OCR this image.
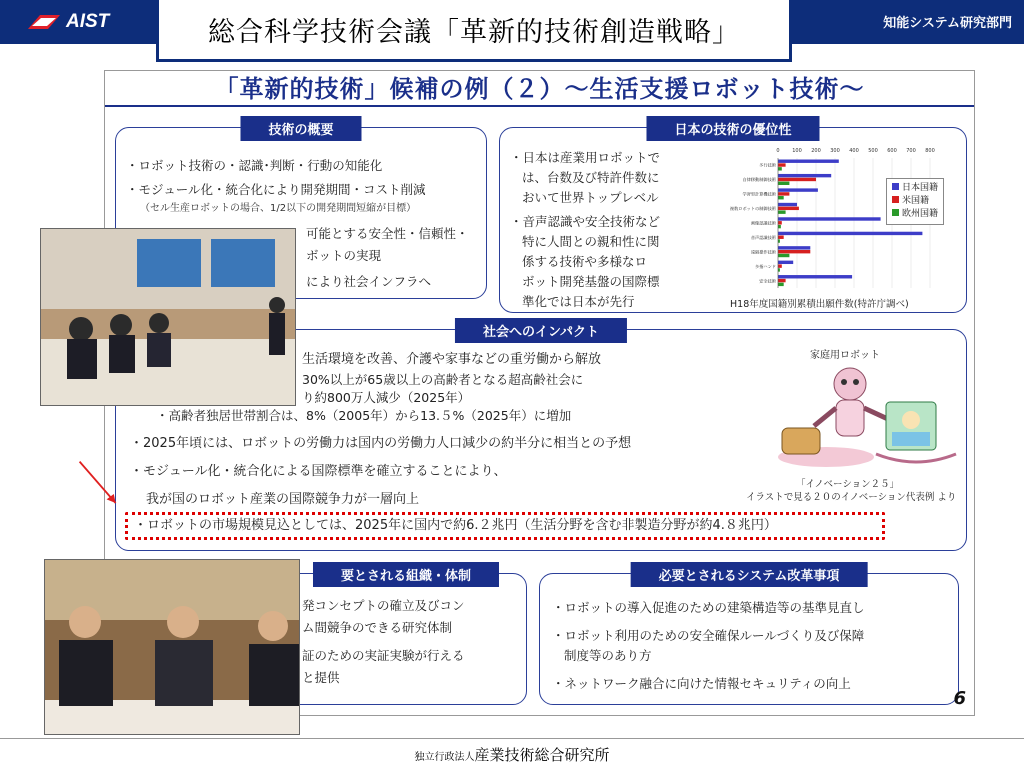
AIST	知能システム研究部門
総合科学技術会議「革新的技術創造戦略」
「革新的技術」候補の例（２）～生活支援ロボット技術～
技術の概要
・ロボット技術の・認識･判断・行動の知能化
・モジュール化・統合化により開発期間・コスト削減
（セル生産ロボットの場合、1/2以下の開発期間短縮が目標）
可能とする安全性・信頼性・
ボットの実現
により社会インフラへ
日本の技術の優位性
・日本は産業用ロボットで
は、台数及び特許件数に
おいて世界トップレベル
・音声認識や安全技術など
特に人間との親和性に関
係する技術や多様なロ
ボット開発基盤の国際標
準化では日本が先行
0	100 200 300 400 500 600 700 800
多行技術
自律移動制御技術
学習型計算機技術
複数ロボットの制御技術
画像認識技術
音声認識技術
遠隔操作技術
多指ハンド
安全技術
日本国籍
米国籍
欧州国籍
H18年度国籍別累積出願件数(特許庁調べ)
社会へのインパクト
生活環境を改善、介護や家事などの重労働から解放
30%以上が65歳以上の高齢者となる超高齢社会に
り約800万人減少（2025年）
・高齢者独居世帯割合は、8%（2005年）から13.５%（2025年）に増加
・2025年頃には、ロボットの労働力は国内の労働力人口減少の約半分に相当との予想
・モジュール化・統合化による国際標準を確立することにより、
我が国のロボット産業の国際競争力が一層向上
・ロボットの市場規模見込としては、2025年に国内で約6.２兆円（生活分野を含む非製造分野が約4.８兆円）
家庭用ロボット
「イノベーション２５」
イラストで見る２０のイノベーション代表例 より
要とされる組織・体制
発コンセプトの確立及びコン
ム間競争のできる研究体制
証のための実証実験が行える
と提供
必要とされるシステム改革事項
・ロボットの導入促進のための建築構造等の基準見直し
・ロボット利用のための安全確保ルールづくり及び保障
制度等のあり方
・ネットワーク融合に向けた情報セキュリティの向上
6
独立行政法人産業技術総合研究所
